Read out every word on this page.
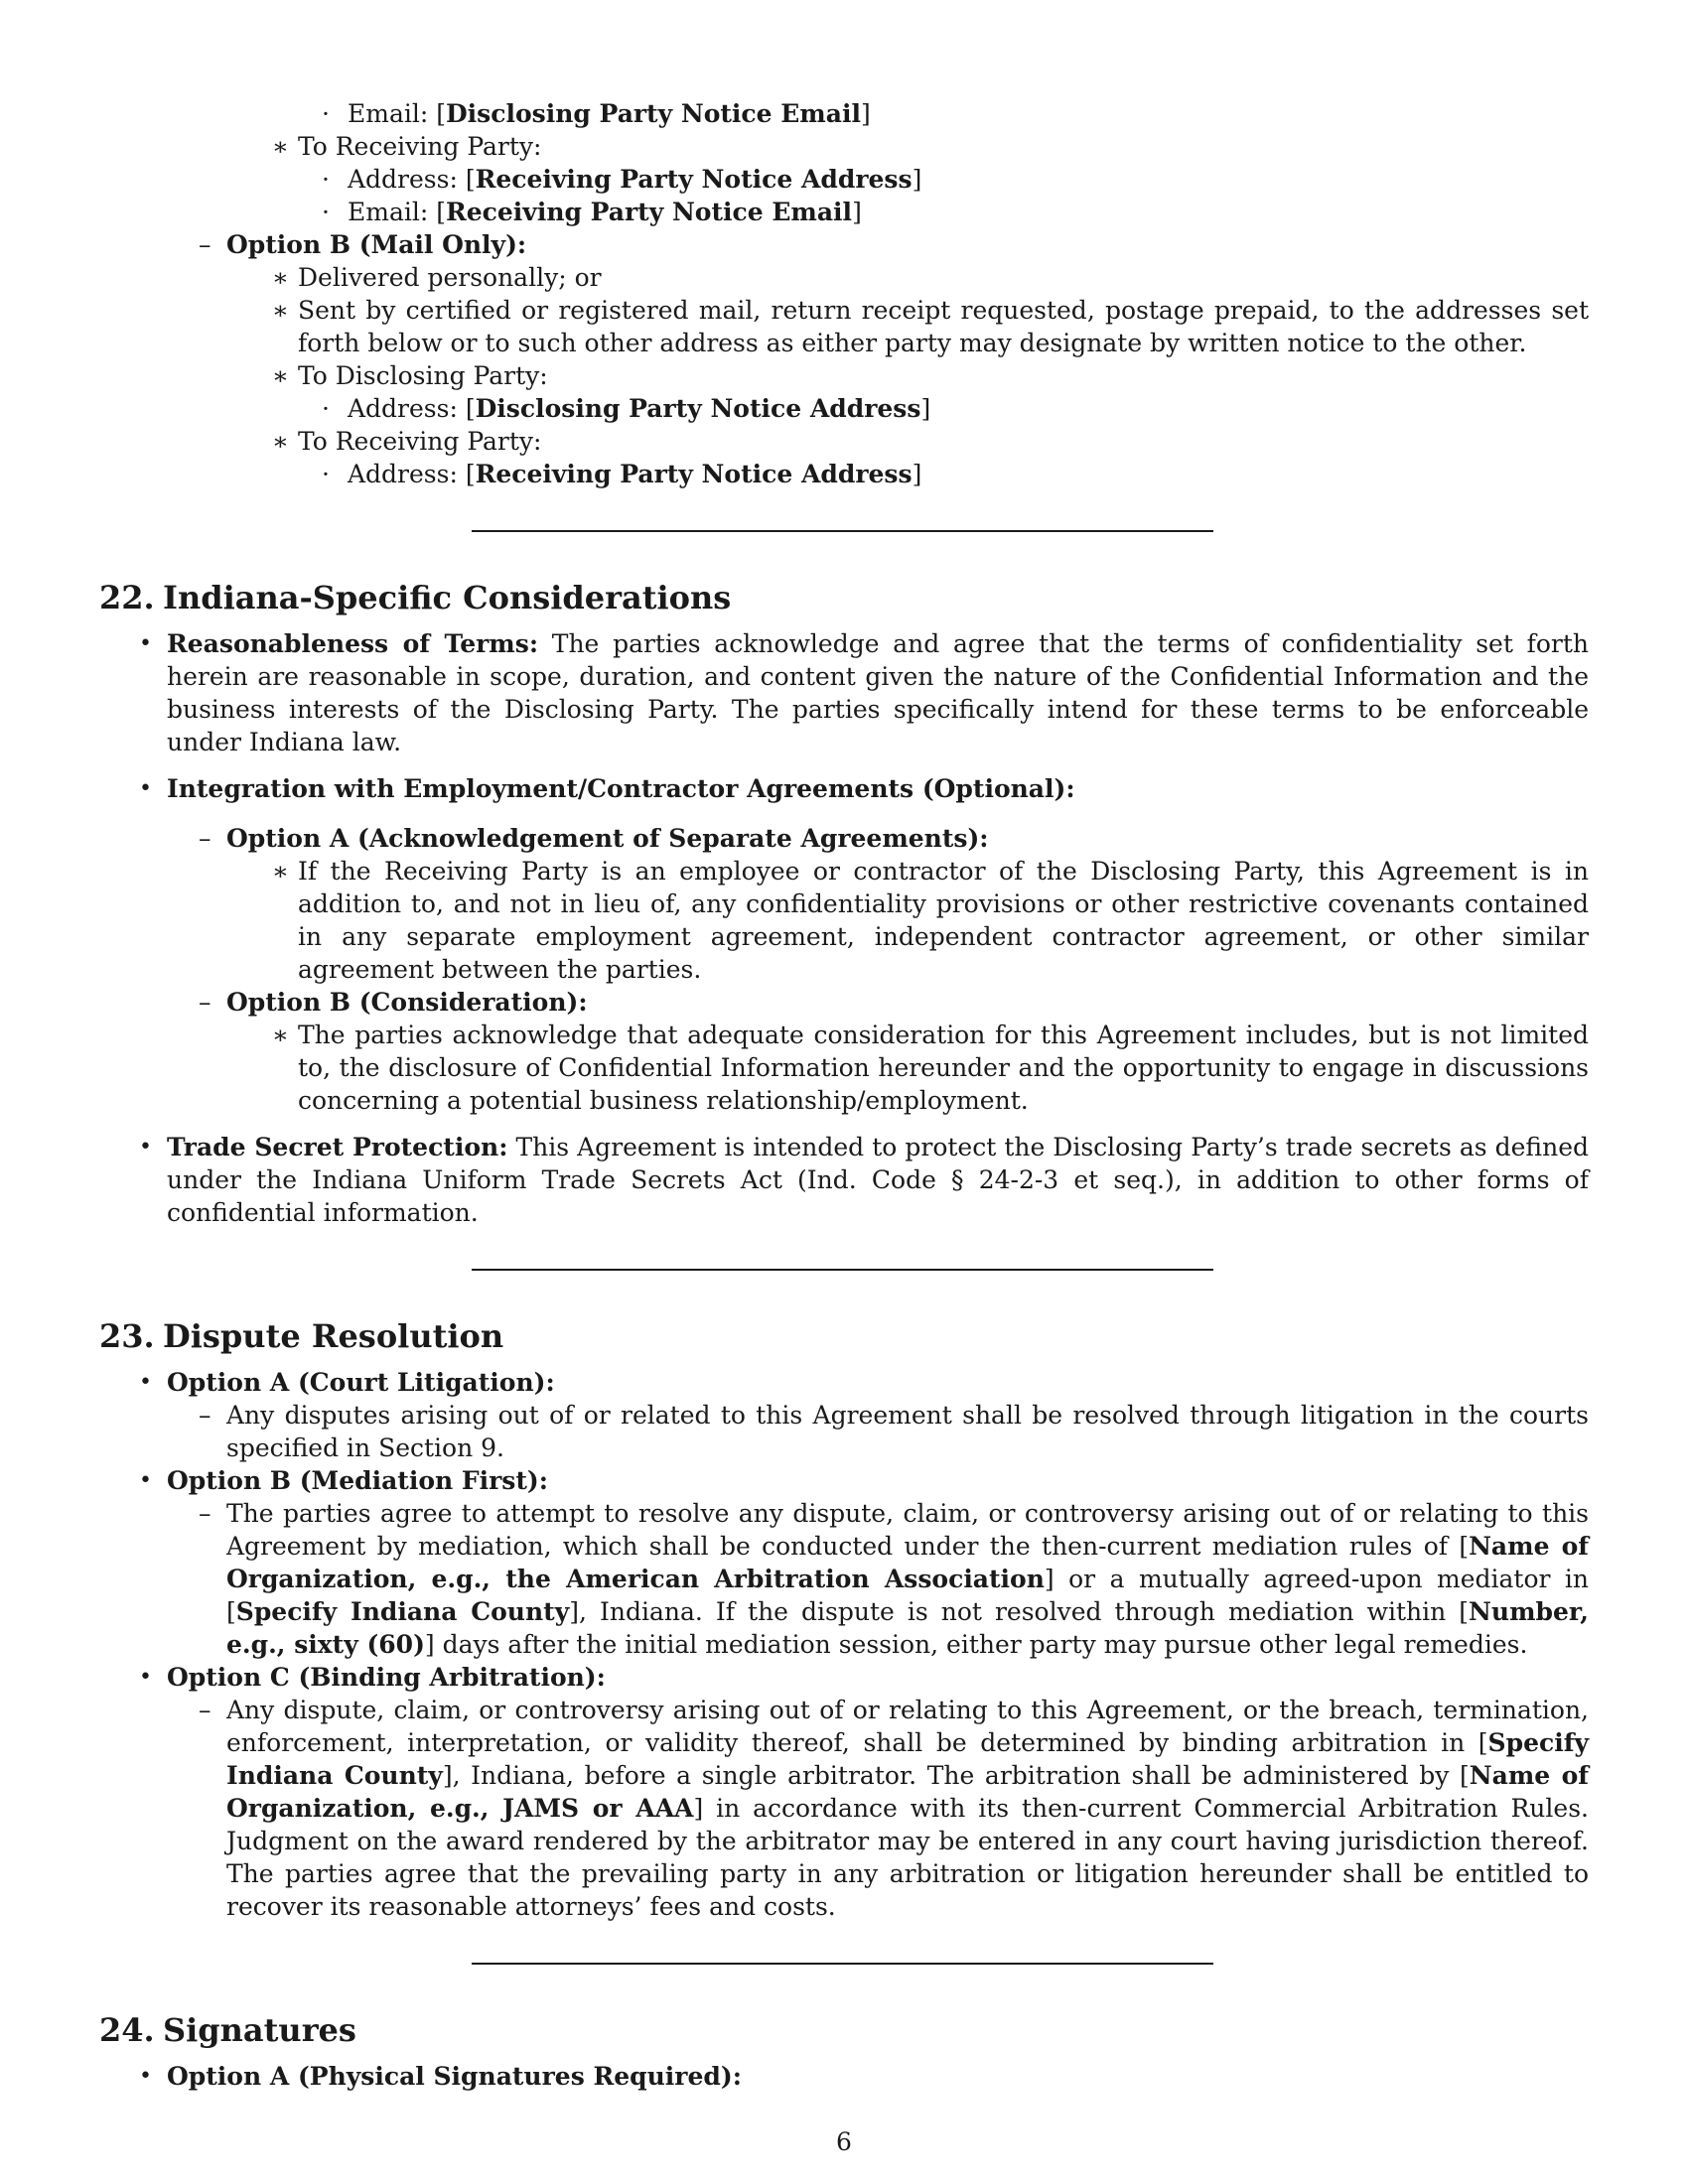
· Email: [Disclosing Party Notice Email]
∗ To Receiving Party:
· Address: [Receiving Party Notice Address]
· Email: [Receiving Party Notice Email]
– Option B (Mail Only):
∗ Delivered personally; or
∗ Sent by certified or registered mail, return receipt requested, postage prepaid, to the addresses set forth below or to such other address as either party may designate by written notice to the other.
∗ To Disclosing Party:
· Address: [Disclosing Party Notice Address]
∗ To Receiving Party:
· Address: [Receiving Party Notice Address]
22. Indiana-Specific Considerations
• Reasonableness of Terms: The parties acknowledge and agree that the terms of confidentiality set forth herein are reasonable in scope, duration, and content given the nature of the Confidential Information and the business interests of the Disclosing Party. The parties specifically intend for these terms to be enforceable under Indiana law.
• Integration with Employment/Contractor Agreements (Optional):
– Option A (Acknowledgement of Separate Agreements):
∗ If the Receiving Party is an employee or contractor of the Disclosing Party, this Agreement is in addition to, and not in lieu of, any confidentiality provisions or other restrictive covenants contained in any separate employment agreement, independent contractor agreement, or other similar agreement between the parties.
– Option B (Consideration):
∗ The parties acknowledge that adequate consideration for this Agreement includes, but is not limited to, the disclosure of Confidential Information hereunder and the opportunity to engage in discussions concerning a potential business relationship/employment.
• Trade Secret Protection: This Agreement is intended to protect the Disclosing Party’s trade secrets as defined under the Indiana Uniform Trade Secrets Act (Ind. Code § 24-2-3 et seq.), in addition to other forms of confidential information.
23. Dispute Resolution
• Option A (Court Litigation):
– Any disputes arising out of or related to this Agreement shall be resolved through litigation in the courts specified in Section 9.
• Option B (Mediation First):
– The parties agree to attempt to resolve any dispute, claim, or controversy arising out of or relating to this Agreement by mediation, which shall be conducted under the then-current mediation rules of [Name of Organization, e.g., the American Arbitration Association] or a mutually agreed-upon mediator in [Specify Indiana County], Indiana. If the dispute is not resolved through mediation within [Number, e.g., sixty (60)] days after the initial mediation session, either party may pursue other legal remedies.
• Option C (Binding Arbitration):
– Any dispute, claim, or controversy arising out of or relating to this Agreement, or the breach, termination, enforcement, interpretation, or validity thereof, shall be determined by binding arbitration in [Specify Indiana County], Indiana, before a single arbitrator. The arbitration shall be administered by [Name of Organization, e.g., JAMS or AAA] in accordance with its then-current Commercial Arbitration Rules. Judgment on the award rendered by the arbitrator may be entered in any court having jurisdiction thereof. The parties agree that the prevailing party in any arbitration or litigation hereunder shall be entitled to recover its reasonable attorneys’ fees and costs.
24. Signatures
• Option A (Physical Signatures Required):
6
